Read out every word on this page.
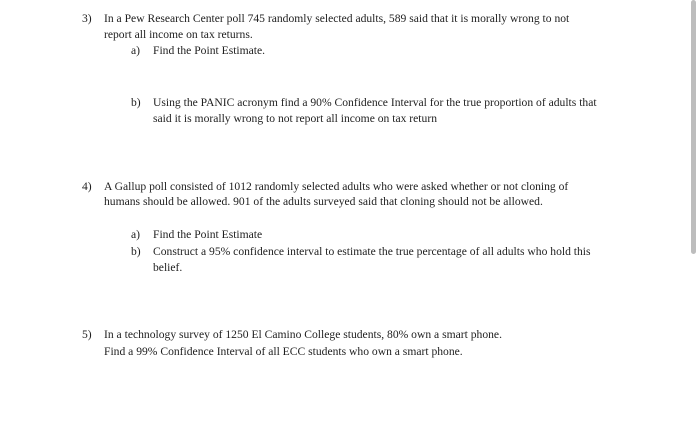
3) In a Pew Research Center poll 745 randomly selected adults, 589 said that it is morally wrong to not
report all income on tax returns.
a) Find the Point Estimate.
b) Using the PANIC acronym find a 90% Confidence Interval for the true proportion of adults that
said it is morally wrong to not report all income on tax return
4) A Gallup poll consisted of 1012 randomly selected adults who were asked whether or not cloning of
humans should be allowed. 901 of the adults surveyed said that cloning should not be allowed.
a) Find the Point Estimate
b) Construct a 95% confidence interval to estimate the true percentage of all adults who hold this
belief.
5) In a technology survey of 1250 El Camino College students, 80% own a smart phone.
Find a 99% Confidence Interval of all ECC students who own a smart phone.
